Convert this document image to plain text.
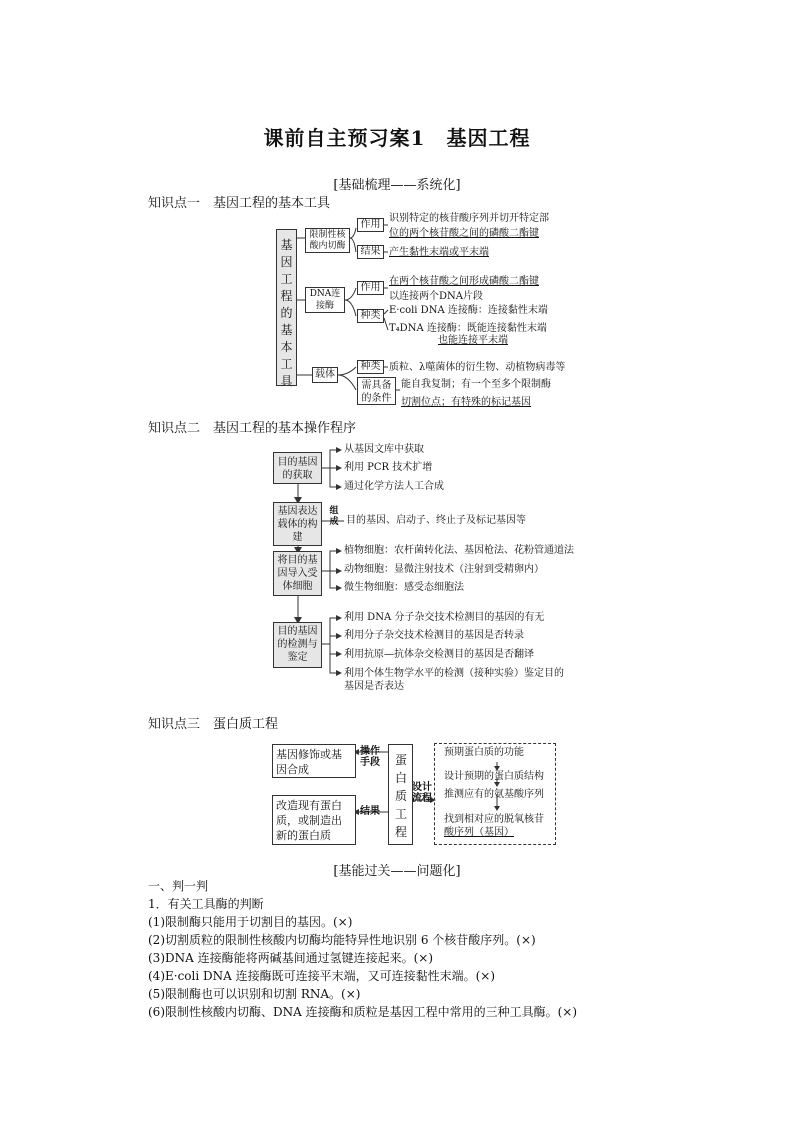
课前自主预习案1　基因工程
[基础梳理——系统化]
知识点一　基因工程的基本工具
基因工程的基本工具
限制性核酸内切酶
作用
识别特定的核苷酸序列并切开特定部
位的两个核苷酸之间的磷酸二酯键
结果 产生黏性末端或平末端
DNA连接酶
作用
在两个核苷酸之间形成磷酸二酯键
以连接两个DNA片段
种类 E·coli DNA 连接酶：连接黏性末端
T₄DNA 连接酶：既能连接黏性末端
也能连接平末端
载体
种类 质粒、λ噬菌体的衍生物、动植物病毒等
需具备的条件
能自我复制；有一个至多个限制酶
切割位点；有特殊的标记基因
知识点二　基因工程的基本操作程序
目的基因的获取
从基因文库中获取
利用 PCR 技术扩增
通过化学方法人工合成
基因表达载体的构建
组成 目的基因、启动子、终止子及标记基因等
将目的基因导入受体细胞
植物细胞：农杆菌转化法、基因枪法、花粉管通道法
动物细胞：显微注射技术（注射到受精卵内）
微生物细胞：感受态细胞法
目的基因的检测与鉴定
利用 DNA 分子杂交技术检测目的基因的有无
利用分子杂交技术检测目的基因是否转录
利用抗原—抗体杂交检测目的基因是否翻译
利用个体生物学水平的检测（接种实验）鉴定目的
基因是否表达
知识点三　蛋白质工程
基因修饰或基因合成
操作手段
改造现有蛋白质，或制造出新的蛋白质
结果
蛋白质工程
设计流程
预期蛋白质的功能
设计预期的蛋白质结构
推测应有的氨基酸序列
找到相对应的脱氧核苷
酸序列（基因）
[基能过关——问题化]
一、判一判
1．有关工具酶的判断
(1)限制酶只能用于切割目的基因。(×)
(2)切割质粒的限制性核酸内切酶均能特异性地识别 6 个核苷酸序列。(×)
(3)DNA 连接酶能将两碱基间通过氢键连接起来。(×)
(4)E·coli DNA 连接酶既可连接平末端，又可连接黏性末端。(×)
(5)限制酶也可以识别和切割 RNA。(×)
(6)限制性核酸内切酶、DNA 连接酶和质粒是基因工程中常用的三种工具酶。(×)
